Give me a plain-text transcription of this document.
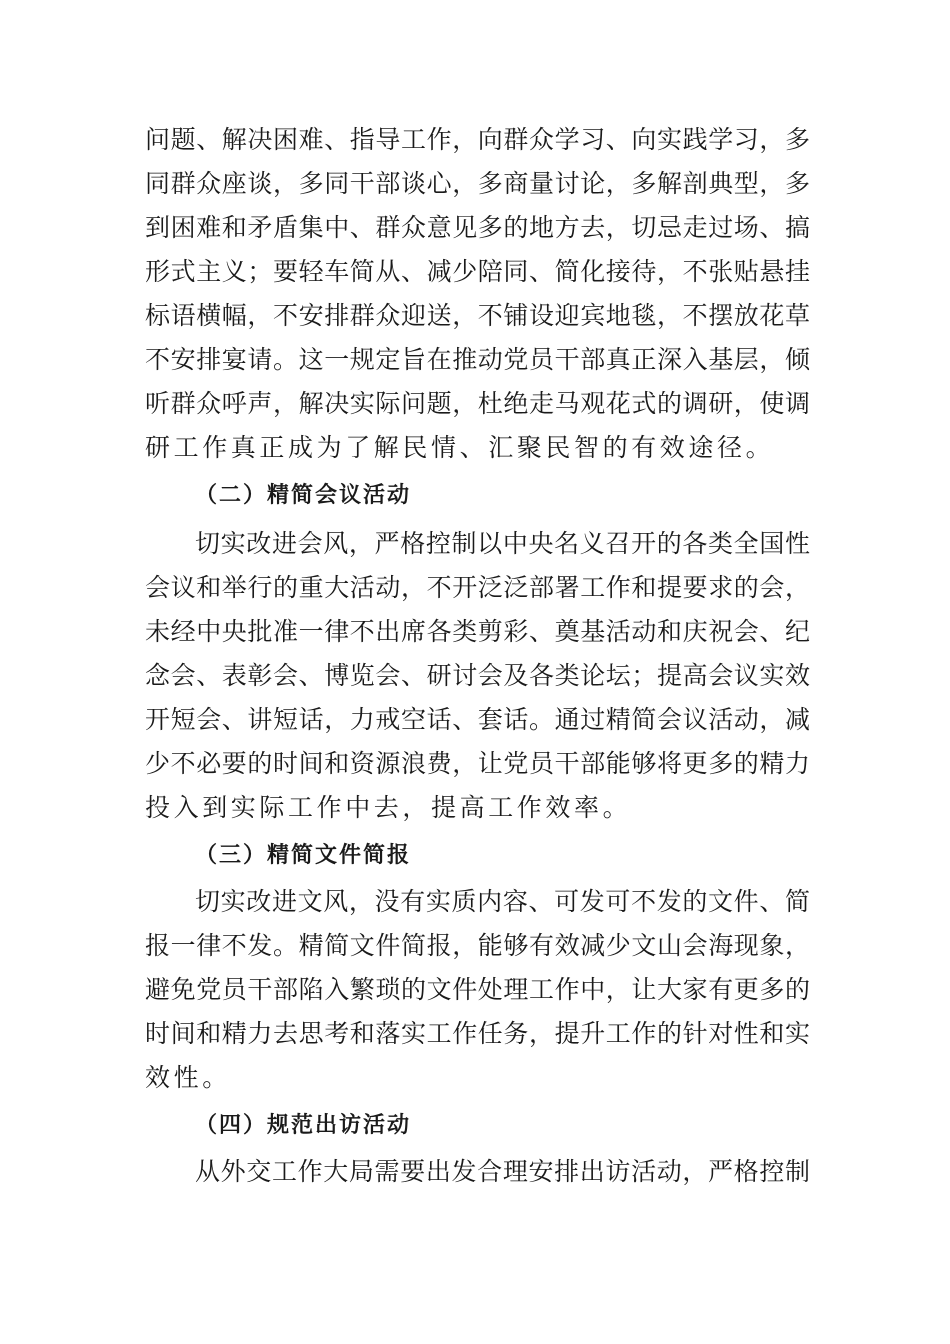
问题、解决困难、指导工作，向群众学习、向实践学习，多
同群众座谈，多同干部谈心，多商量讨论，多解剖典型，多
到困难和矛盾集中、群众意见多的地方去，切忌走过场、搞
形式主义；要轻车简从、减少陪同、简化接待，不张贴悬挂
标语横幅，不安排群众迎送，不铺设迎宾地毯，不摆放花草
不安排宴请。这一规定旨在推动党员干部真正深入基层，倾
听群众呼声，解决实际问题，杜绝走马观花式的调研，使调
研工作真正成为了解民情、汇聚民智的有效途径。
（二）精简会议活动
切实改进会风，严格控制以中央名义召开的各类全国性
会议和举行的重大活动，不开泛泛部署工作和提要求的会，
未经中央批准一律不出席各类剪彩、奠基活动和庆祝会、纪
念会、表彰会、博览会、研讨会及各类论坛；提高会议实效
开短会、讲短话，力戒空话、套话。通过精简会议活动，减
少不必要的时间和资源浪费，让党员干部能够将更多的精力
投入到实际工作中去，提高工作效率。
（三）精简文件简报
切实改进文风，没有实质内容、可发可不发的文件、简
报一律不发。精简文件简报，能够有效减少文山会海现象，
避免党员干部陷入繁琐的文件处理工作中，让大家有更多的
时间和精力去思考和落实工作任务，提升工作的针对性和实
效性。
（四）规范出访活动
从外交工作大局需要出发合理安排出访活动，严格控制
